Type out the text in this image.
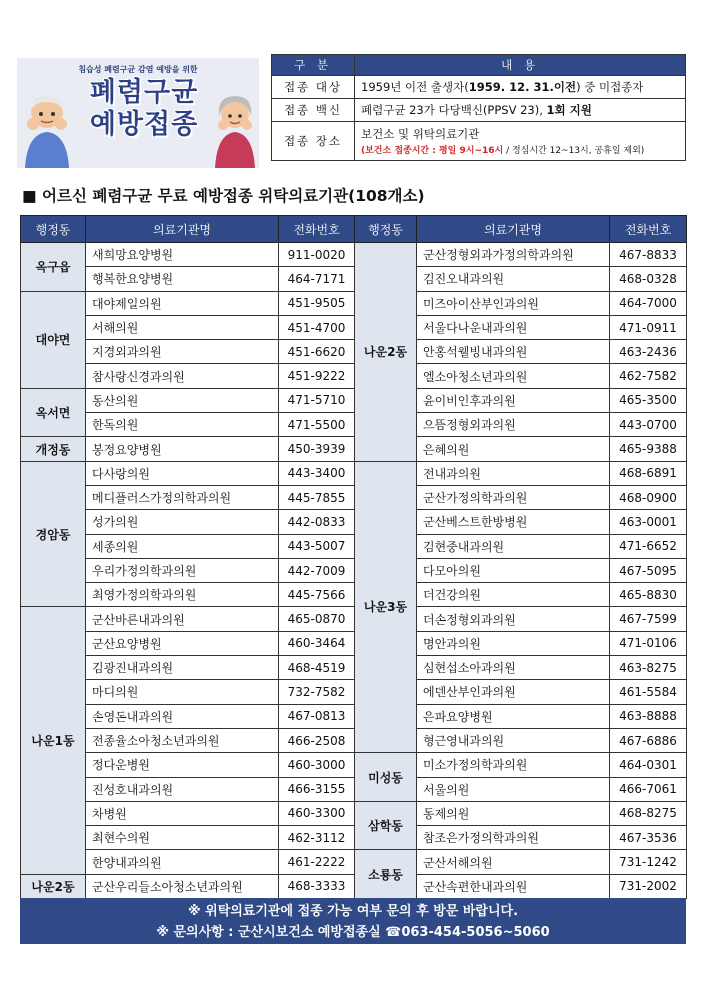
침습성 폐렴구균 감염 예방을 위한
폐렴구균
예방접종
구 분	내 용
접종 대상	1959년 이전 출생자(1959. 12. 31.이전) 중 미접종자
접종 백신	폐렴구균 23가 다당백신(PPSV 23), 1회 지원
접종 장소	보건소 및 위탁의료기관
(보건소 접종시간 : 평일 9시~16시 / 정심시간 12~13시, 공휴일 제외)
■ 어르신 폐렴구균 무료 예방접종 위탁의료기관(108개소)
행정동	의료기관명	전화번호	행정동	의료기관명	전화번호
옥구읍	새희망요양병원	911-0020	나운2동	군산정형외과가정의학과의원	467-8833
	행복한요양병원	464-7171		김진오내과의원	468-0328
대야면	대야제일의원	451-9505		미즈아이산부인과의원	464-7000
	서해의원	451-4700		서울다나운내과의원	471-0911
	지경외과의원	451-6620		안홍석웰빙내과의원	463-2436
	참사랑신경과의원	451-9222		엘소아청소년과의원	462-7582
옥서면	동산의원	471-5710		윤이비인후과의원	465-3500
	한독의원	471-5500		으뜸정형외과의원	443-0700
개정동	봉정요양병원	450-3939		은혜의원	465-9388
경암동	다사랑의원	443-3400	나운3동	전내과의원	468-6891
	메디플러스가정의학과의원	445-7855		군산가정의학과의원	468-0900
	성가의원	442-0833		군산베스트한방병원	463-0001
	세종의원	443-5007		김현중내과의원	471-6652
	우리가정의학과의원	442-7009		다모아의원	467-5095
	최영가정의학과의원	445-7566		더건강의원	465-8830
나운1동	군산바른내과의원	465-0870		더손정형외과의원	467-7599
	군산요양병원	460-3464		명안과의원	471-0106
	김광진내과의원	468-4519		심현섭소아과의원	463-8275
	마디의원	732-7582		에덴산부인과의원	461-5584
	손영돈내과의원	467-0813		은파요양병원	463-8888
	전종율소아청소년과의원	466-2508		형근영내과의원	467-6886
	정다운병원	460-3000	미성동	미소가정의학과의원	464-0301
	진성호내과의원	466-3155		서울의원	466-7061
	차병원	460-3300	삼학동	동제의원	468-8275
	최현수의원	462-3112		참조은가정의학과의원	467-3536
	한양내과의원	461-2222	소룡동	군산서해의원	731-1242
나운2동	군산우리들소아청소년과의원	468-3333		군산속편한내과의원	731-2002
※ 위탁의료기관에 접종 가능 여부 문의 후 방문 바랍니다.
※ 문의사항 : 군산시보건소 예방접종실 ☎063-454-5056~5060
